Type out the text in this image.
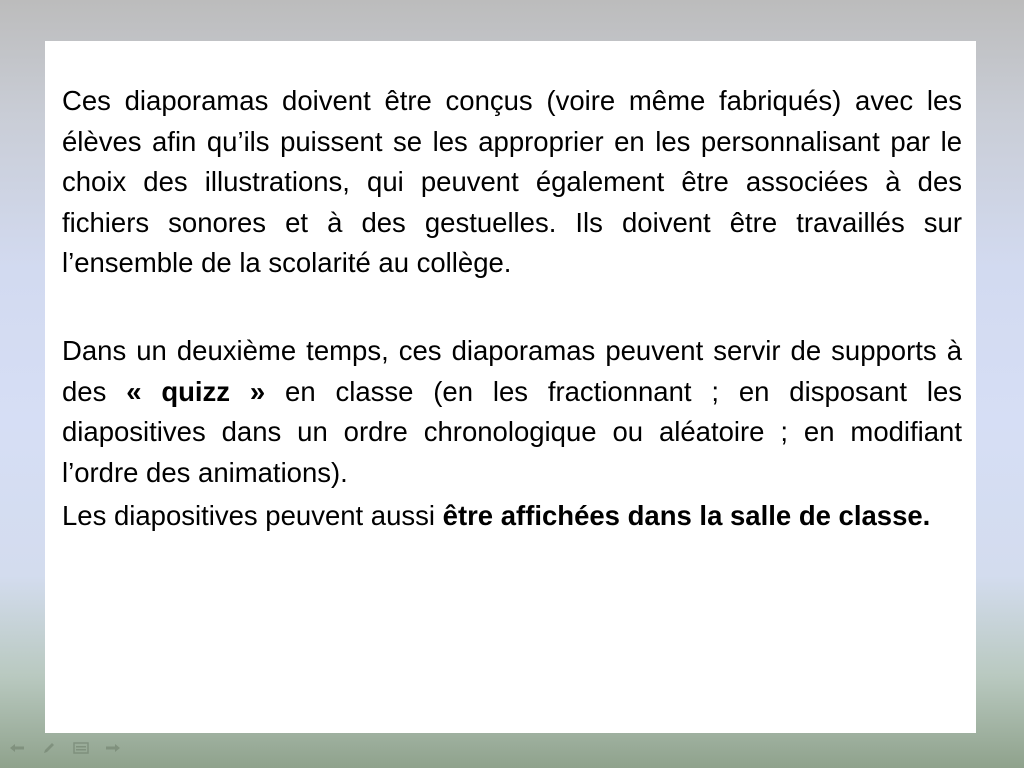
Ces diaporamas doivent être conçus (voire même fabriqués) avec les élèves afin qu’ils puissent se les approprier en les personnalisant par le choix des illustrations, qui peuvent également être associées à des fichiers sonores et à des gestuelles. Ils doivent être travaillés sur l’ensemble de la scolarité au collège.

Dans un deuxième temps, ces diaporamas peuvent servir de supports à des « quizz » en classe (en les fractionnant ; en disposant les diapositives dans un ordre chronologique ou aléatoire ; en modifiant l’ordre des animations).

Les diapositives peuvent aussi être affichées dans la salle de classe.
